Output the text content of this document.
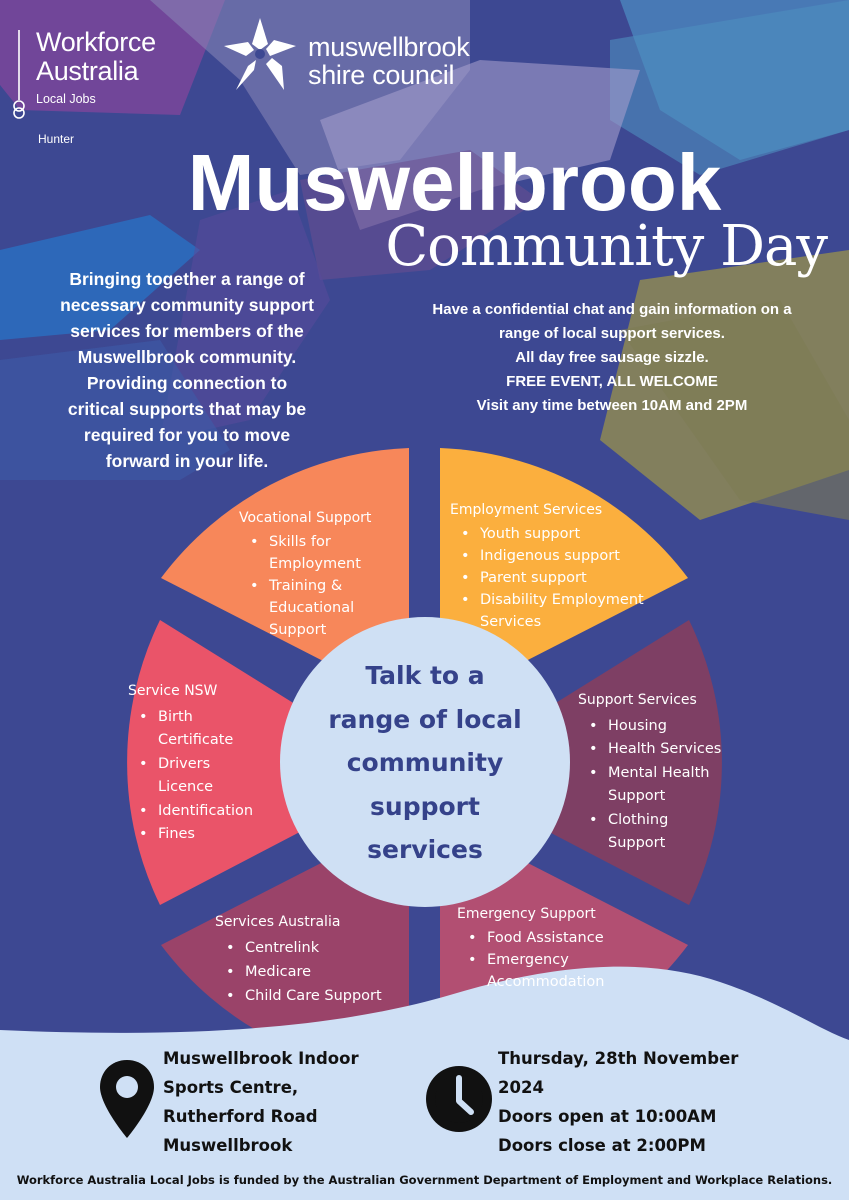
Workforce
Australia
Local Jobs
Hunter
muswellbrook
shire council
Muswellbrook
Community Day
Bringing together a range of
necessary community support
services for members of the
Muswellbrook community.
Providing connection to
critical supports that may be
required for you to move
forward in your life.
Have a confidential chat and gain information on a
range of local support services.
All day free sausage sizzle.
FREE EVENT, ALL WELCOME
Visit any time between 10AM and 2PM
Vocational Support
• Skills for
Employment
• Training &
Educational
Support
Employment Services
• Youth support
• Indigenous support
• Parent support
• Disability Employment
Services
Service NSW
• Birth
Certificate
• Drivers
Licence
• Identification
• Fines
Support Services
• Housing
• Health Services
• Mental Health
Support
• Clothing
Support
Services Australia
• Centrelink
• Medicare
• Child Care Support
Emergency Support
• Food Assistance
• Emergency
Accommodation
Talk to a
range of local
community
support
services
Muswellbrook Indoor
Sports Centre,
Rutherford Road
Muswellbrook
Thursday, 28th November
2024
Doors open at 10:00AM
Doors close at 2:00PM
Workforce Australia Local Jobs is funded by the Australian Government Department of Employment and Workplace Relations.
